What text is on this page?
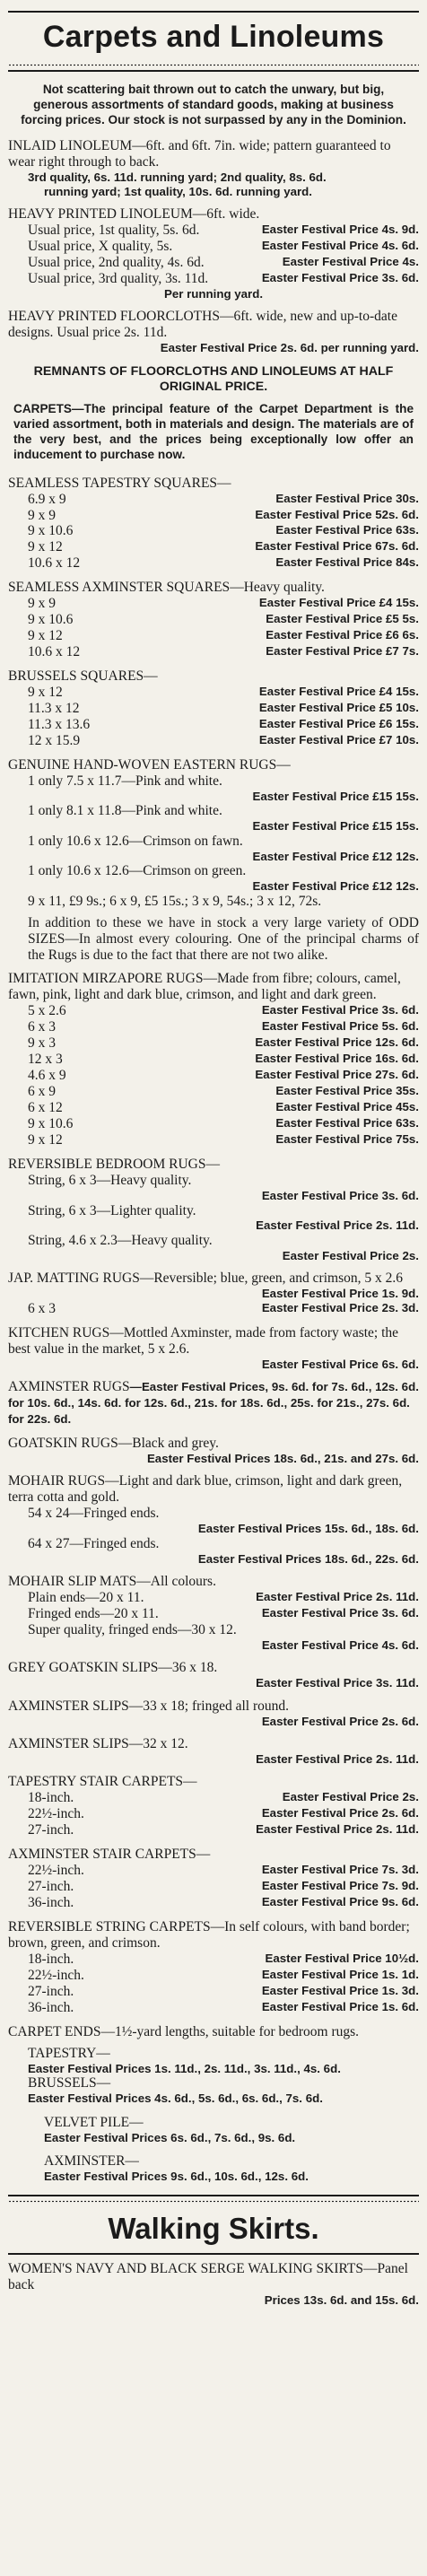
Carpets and Linoleums
Not scattering bait thrown out to catch the unwary, but big, generous assortments of standard goods, making at business forcing prices. Our stock is not surpassed by any in the Dominion.
INLAID LINOLEUM—6ft. and 6ft. 7in. wide; pattern guaranteed to wear right through to back.
3rd quality, 6s. 11d. running yard; 2nd quality, 8s. 6d.
running yard; 1st quality, 10s. 6d. running yard.
HEAVY PRINTED LINOLEUM—6ft. wide.
Usual price, 1st quality, 5s. 6d.	Easter Festival Price 4s. 9d.
Usual price, X quality, 5s.	Easter Festival Price 4s. 6d.
Usual price, 2nd quality, 4s. 6d.	Easter Festival Price 4s.
Usual price, 3rd quality, 3s. 11d.	Easter Festival Price 3s. 6d.
Per running yard.
HEAVY PRINTED FLOORCLOTHS—6ft. wide, new and up-to-date designs. Usual price 2s. 11d.
Easter Festival Price 2s. 6d. per running yard.
REMNANTS OF FLOORCLOTHS AND LINOLEUMS AT HALF ORIGINAL PRICE.
CARPETS—The principal feature of the Carpet Department is the varied assortment, both in materials and design. The materials are of the very best, and the prices being exceptionally low offer an inducement to purchase now.
SEAMLESS TAPESTRY SQUARES—
6.9 x 9	Easter Festival Price 30s.
9 x 9	Easter Festival Price 52s. 6d.
9 x 10.6	Easter Festival Price 63s.
9 x 12	Easter Festival Price 67s. 6d.
10.6 x 12	Easter Festival Price 84s.
SEAMLESS AXMINSTER SQUARES—Heavy quality.
9 x 9	Easter Festival Price £4 15s.
9 x 10.6	Easter Festival Price £5 5s.
9 x 12	Easter Festival Price £6 6s.
10.6 x 12	Easter Festival Price £7 7s.
BRUSSELS SQUARES—
9 x 12	Easter Festival Price £4 15s.
11.3 x 12	Easter Festival Price £5 10s.
11.3 x 13.6	Easter Festival Price £6 15s.
12 x 15.9	Easter Festival Price £7 10s.
GENUINE HAND-WOVEN EASTERN RUGS—
1 only 7.5 x 11.7—Pink and white.
Easter Festival Price £15 15s.
1 only 8.1 x 11.8—Pink and white.
Easter Festival Price £15 15s.
1 only 10.6 x 12.6—Crimson on fawn.
Easter Festival Price £12 12s.
1 only 10.6 x 12.6—Crimson on green.
Easter Festival Price £12 12s.
9 x 11, £9 9s.; 6 x 9, £5 15s.; 3 x 9, 54s.; 3 x 12, 72s.
In addition to these we have in stock a very large variety of ODD SIZES—In almost every colouring. One of the principal charms of the Rugs is due to the fact that there are not two alike.
IMITATION MIRZAPORE RUGS—Made from fibre; colours, camel, fawn, pink, light and dark blue, crimson, and light and dark green.
5 x 2.6	Easter Festival Price 3s. 6d.
6 x 3	Easter Festival Price 5s. 6d.
9 x 3	Easter Festival Price 12s. 6d.
12 x 3	Easter Festival Price 16s. 6d.
4.6 x 9	Easter Festival Price 27s. 6d.
6 x 9	Easter Festival Price 35s.
6 x 12	Easter Festival Price 45s.
9 x 10.6	Easter Festival Price 63s.
9 x 12	Easter Festival Price 75s.
REVERSIBLE BEDROOM RUGS—
String, 6 x 3—Heavy quality.
Easter Festival Price 3s. 6d.
String, 6 x 3—Lighter quality.
Easter Festival Price 2s. 11d.
String, 4.6 x 2.3—Heavy quality.
Easter Festival Price 2s.
JAP. MATTING RUGS—Reversible; blue, green, and crimson, 5 x 2.6
Easter Festival Price 1s. 9d.
6 x 3	Easter Festival Price 2s. 3d.
KITCHEN RUGS—Mottled Axminster, made from factory waste; the best value in the market, 5 x 2.6.
Easter Festival Price 6s. 6d.
AXMINSTER RUGS—Easter Festival Prices, 9s. 6d. for 7s. 6d., 12s. 6d. for 10s. 6d., 14s. 6d. for 12s. 6d., 21s. for 18s. 6d., 25s. for 21s., 27s. 6d. for 22s. 6d.
GOATSKIN RUGS—Black and grey.
Easter Festival Prices 18s. 6d., 21s. and 27s. 6d.
MOHAIR RUGS—Light and dark blue, crimson, light and dark green, terra cotta and gold.
54 x 24—Fringed ends.
Easter Festival Prices 15s. 6d., 18s. 6d.
64 x 27—Fringed ends.
Easter Festival Prices 18s. 6d., 22s. 6d.
MOHAIR SLIP MATS—All colours.
Plain ends—20 x 11.	Easter Festival Price 2s. 11d.
Fringed ends—20 x 11.	Easter Festival Price 3s. 6d.
Super quality, fringed ends—30 x 12.
Easter Festival Price 4s. 6d.
GREY GOATSKIN SLIPS—36 x 18.
Easter Festival Price 3s. 11d.
AXMINSTER SLIPS—33 x 18; fringed all round.
Easter Festival Price 2s. 6d.
AXMINSTER SLIPS—32 x 12.
Easter Festival Price 2s. 11d.
TAPESTRY STAIR CARPETS—
18-inch.	Easter Festival Price 2s.
22½-inch.	Easter Festival Price 2s. 6d.
27-inch.	Easter Festival Price 2s. 11d.
AXMINSTER STAIR CARPETS—
22½-inch.	Easter Festival Price 7s. 3d.
27-inch.	Easter Festival Price 7s. 9d.
36-inch.	Easter Festival Price 9s. 6d.
REVERSIBLE STRING CARPETS—In self colours, with band border; brown, green, and crimson.
18-inch.	Easter Festival Price 10½d.
22½-inch.	Easter Festival Price 1s. 1d.
27-inch.	Easter Festival Price 1s. 3d.
36-inch.	Easter Festival Price 1s. 6d.
CARPET ENDS—1½-yard lengths, suitable for bedroom rugs.
TAPESTRY—
Easter Festival Prices 1s. 11d., 2s. 11d., 3s. 11d., 4s. 6d.
BRUSSELS—
Easter Festival Prices 4s. 6d., 5s. 6d., 6s. 6d., 7s. 6d.
VELVET PILE—
Easter Festival Prices 6s. 6d., 7s. 6d., 9s. 6d.
AXMINSTER—
Easter Festival Prices 9s. 6d., 10s. 6d., 12s. 6d.
Walking Skirts.
WOMEN'S NAVY AND BLACK SERGE WALKING SKIRTS—Panel back
Prices 13s. 6d. and 15s. 6d.
